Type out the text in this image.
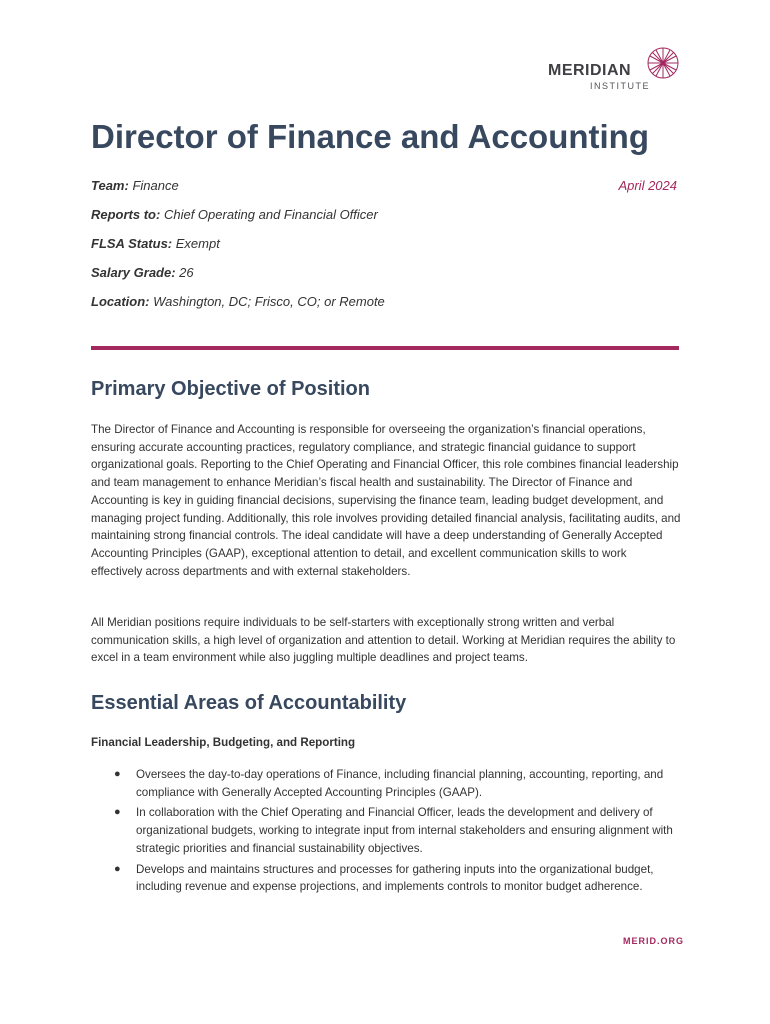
MERIDIAN
INSTITUTE
Director of Finance and Accounting
Team: Finance	April 2024
Reports to: Chief Operating and Financial Officer
FLSA Status: Exempt
Salary Grade: 26
Location: Washington, DC; Frisco, CO; or Remote
Primary Objective of Position

The Director of Finance and Accounting is responsible for overseeing the organization’s financial operations, ensuring accurate accounting practices, regulatory compliance, and strategic financial guidance to support organizational goals. Reporting to the Chief Operating and Financial Officer, this role combines financial leadership and team management to enhance Meridian’s fiscal health and sustainability. The Director of Finance and Accounting is key in guiding financial decisions, supervising the finance team, leading budget development, and managing project funding. Additionally, this role involves providing detailed financial analysis, facilitating audits, and maintaining strong financial controls. The ideal candidate will have a deep understanding of Generally Accepted Accounting Principles (GAAP), exceptional attention to detail, and excellent communication skills to work effectively across departments and with external stakeholders.

All Meridian positions require individuals to be self-starters with exceptionally strong written and verbal communication skills, a high level of organization and attention to detail. Working at Meridian requires the ability to excel in a team environment while also juggling multiple deadlines and project teams.

Essential Areas of Accountability
Financial Leadership, Budgeting, and Reporting
● Oversees the day-to-day operations of Finance, including financial planning, accounting, reporting, and compliance with Generally Accepted Accounting Principles (GAAP).
● In collaboration with the Chief Operating and Financial Officer, leads the development and delivery of organizational budgets, working to integrate input from internal stakeholders and ensuring alignment with strategic priorities and financial sustainability objectives.
● Develops and maintains structures and processes for gathering inputs into the organizational budget, including revenue and expense projections, and implements controls to monitor budget adherence.
MERID.ORG
